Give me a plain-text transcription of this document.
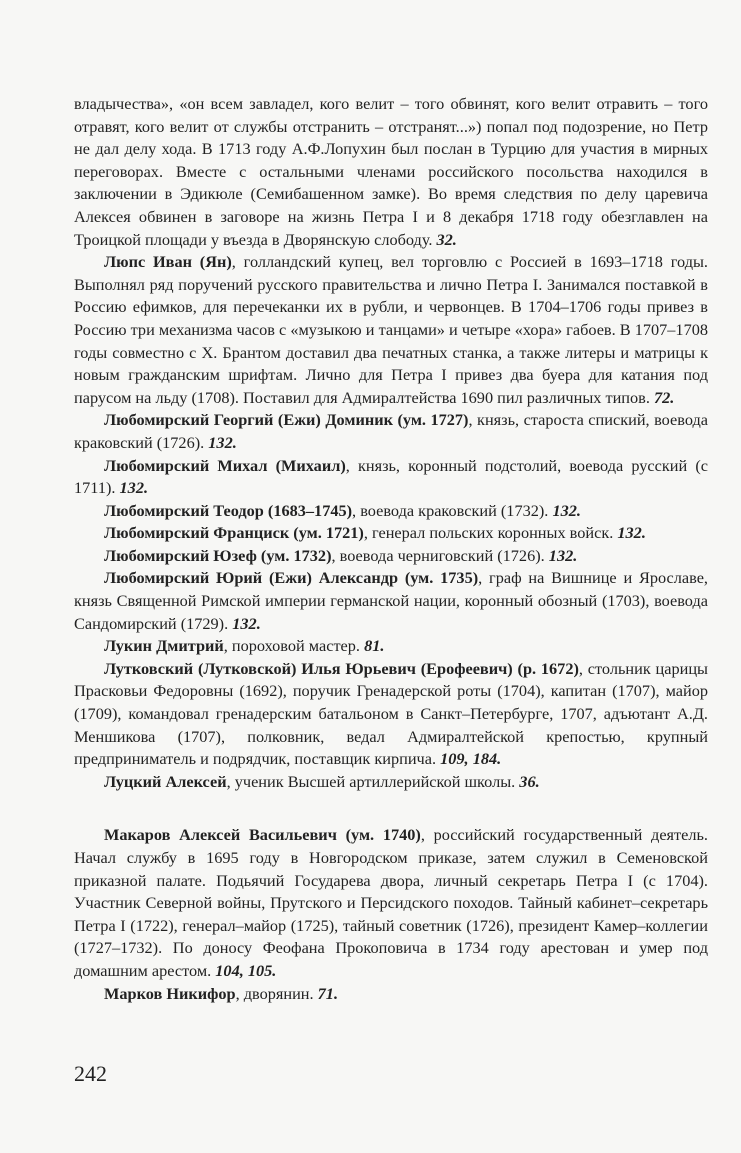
владычества», «он всем завладел, кого велит – того обвинят, кого велит отравить – того отравят, кого велит от службы отстранить – отстранят...») попал под подозрение, но Петр не дал делу хода. В 1713 году А.Ф.Лопухин был послан в Турцию для участия в мирных переговорах. Вместе с остальными членами российского посольства находился в заключении в Эдикюле (Семибашенном замке). Во время следствия по делу царевича Алексея обвинен в заговоре на жизнь Петра I и 8 декабря 1718 году обезглавлен на Троицкой площади у въезда в Дворянскую слободу. 32.

Люпс Иван (Ян), голландский купец, вел торговлю с Россией в 1693–1718 годы. Выполнял ряд поручений русского правительства и лично Петра I. Занимался поставкой в Россию ефимков, для перечеканки их в рубли, и червонцев. В 1704–1706 годы привез в Россию три механизма часов с «музыкою и танцами» и четыре «хора» габоев. В 1707–1708 годы совместно с Х. Брантом доставил два печатных станка, а также литеры и матрицы к новым гражданским шрифтам. Лично для Петра I привез два буера для катания под парусом на льду (1708). Поставил для Адмиралтейства 1690 пил различных типов. 72.

Любомирский Георгий (Ежи) Доминик (ум. 1727), князь, староста спиский, воевода краковский (1726). 132.

Любомирский Михал (Михаил), князь, коронный подстолий, воевода русский (с 1711). 132.

Любомирский Теодор (1683–1745), воевода краковский (1732). 132.

Любомирский Франциск (ум. 1721), генерал польских коронных войск. 132.

Любомирский Юзеф (ум. 1732), воевода черниговский (1726). 132.

Любомирский Юрий (Ежи) Александр (ум. 1735), граф на Вишнице и Ярославе, князь Священной Римской империи германской нации, коронный обозный (1703), воевода Сандомирский (1729). 132.

Лукин Дмитрий, пороховой мастер. 81.

Лутковский (Лутковской) Илья Юрьевич (Ерофеевич) (р. 1672), стольник царицы Прасковьи Федоровны (1692), поручик Гренадерской роты (1704), капитан (1707), майор (1709), командовал гренадерским батальоном в Санкт–Петербурге, 1707, адъютант А.Д. Меншикова (1707), полковник, ведал Адмиралтейской крепостью, крупный предприниматель и подрядчик, поставщик кирпича. 109, 184.

Луцкий Алексей, ученик Высшей артиллерийской школы. 36.

Макаров Алексей Васильевич (ум. 1740), российский государственный деятель. Начал службу в 1695 году в Новгородском приказе, затем служил в Семеновской приказной палате. Подьячий Государева двора, личный секретарь Петра I (с 1704). Участник Северной войны, Прутского и Персидского походов. Тайный кабинет–секретарь Петра I (1722), генерал–майор (1725), тайный советник (1726), президент Камер–коллегии (1727–1732). По доносу Феофана Прокоповича в 1734 году арестован и умер под домашним арестом. 104, 105.

Марков Никифор, дворянин. 71.

242
